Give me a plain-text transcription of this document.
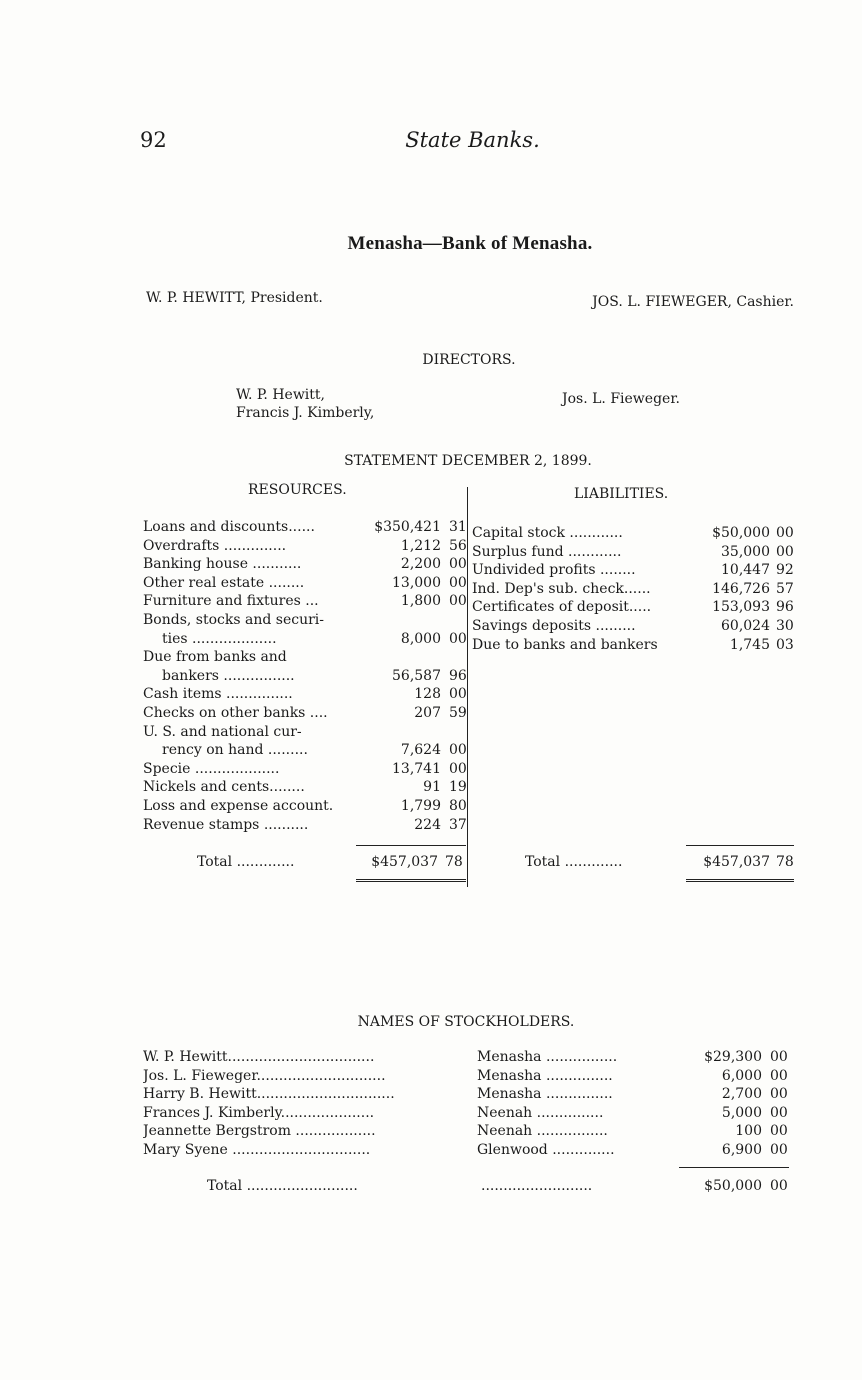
92	State Banks.
Menasha—Bank of Menasha.
W. P. HEWITT, President.	JOS. L. FIEWEGER, Cashier.
DIRECTORS.
W. P. Hewitt,
Francis J. Kimberly,
Jos. L. Fieweger.
STATEMENT DECEMBER 2, 1899.
RESOURCES.	LIABILITIES.
Loans and discounts......	$350,421 31
Overdrafts ..............	1,212 56
Banking house ...........	2,200 00
Other real estate ........	13,000 00
Furniture and fixtures ...	1,800 00
Bonds, stocks and securi-
ties ...................	8,000 00
Due from banks and
bankers ................	56,587 96
Cash items ...............	128 00
Checks on other banks ....	207 59
U. S. and national cur-
rency on hand .........	7,624 00
Specie ...................	13,741 00
Nickels and cents........	91 19
Loss and expense account.	1,799 80
Revenue stamps ..........	224 37
Total .............	$457,037 78
Capital stock ............	$50,000 00
Surplus fund ............	35,000 00
Undivided profits ........	10,447 92
Ind. Dep's sub. check......	146,726 57
Certificates of deposit.....	153,093 96
Savings deposits .........	60,024 30
Due to banks and bankers	1,745 03
Total .............	$457,037 78
NAMES OF STOCKHOLDERS.
W. P. Hewitt.................................	Menasha ................	$29,300 00
Jos. L. Fieweger.............................	Menasha ...............	6,000 00
Harry B. Hewitt...............................	Menasha ...............	2,700 00
Frances J. Kimberly.....................	Neenah ...............	5,000 00
Jeannette Bergstrom ..................	Neenah ................	100 00
Mary Syene ...............................	Glenwood ..............	6,900 00
Total .........................	.........................	$50,000 00
